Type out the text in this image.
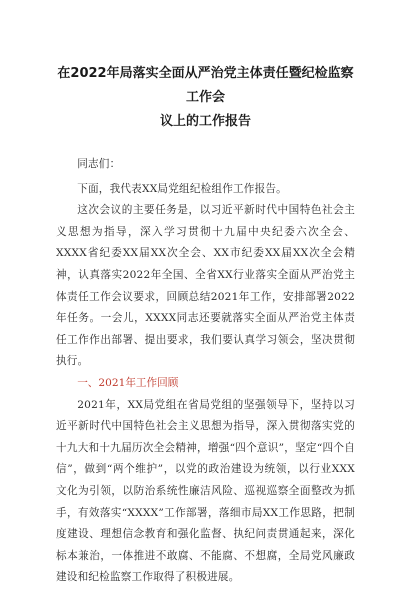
在2022年局落实全面从严治党主体责任暨纪检监察工作会
议上的工作报告

同志们：

下面，我代表XX局党组纪检组作工作报告。

这次会议的主要任务是，以习近平新时代中国特色社会主义思想为指导，深入学习贯彻十九届中央纪委六次全会、XXXX省纪委XX届XX次全会、XX市纪委XX届XX次全会精神，认真落实2022年全国、全省XX行业落实全面从严治党主体责任工作会议要求，回顾总结2021年工作，安排部署2022年任务。一会儿，XXXX同志还要就落实全面从严治党主体责任工作作出部署、提出要求，我们要认真学习领会，坚决贯彻执行。

一、2021年工作回顾

2021年，XX局党组在省局党组的坚强领导下，坚持以习近平新时代中国特色社会主义思想为指导，深入贯彻落实党的十九大和十九届历次全会精神，增强“四个意识”，坚定“四个自信”，做到“两个维护”，以党的政治建设为统领，以行业XXX文化为引领，以防治系统性廉洁风险、巡视巡察全面整改为抓手，有效落实“XXXX”工作部署，落细市局XX工作思路，把制度建设、理想信念教育和强化监督、执纪问责贯通起来，深化标本兼治，一体推进不敢腐、不能腐、不想腐，全局党风廉政建设和纪检监察工作取得了积极进展。
